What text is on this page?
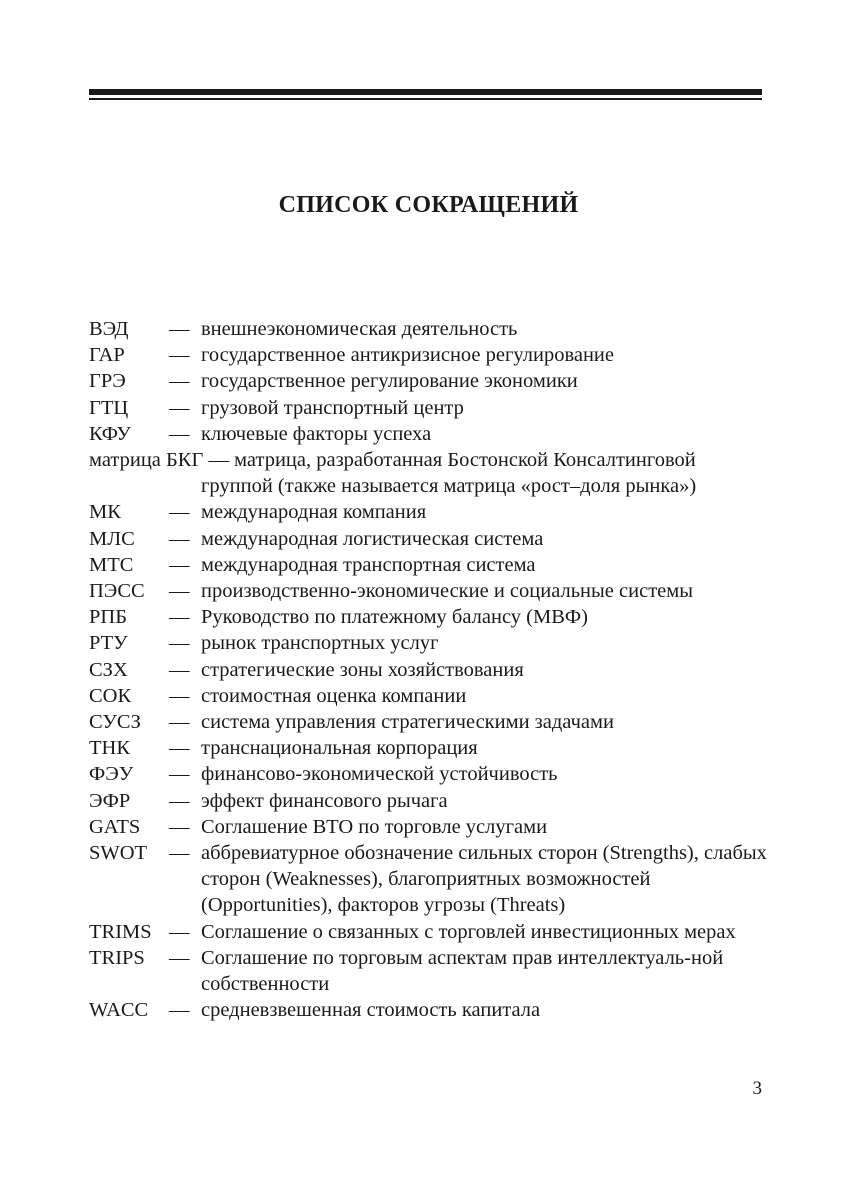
СПИСОК СОКРАЩЕНИЙ
ВЭД	— внешнеэкономическая деятельность
ГАР	— государственное антикризисное регулирование
ГРЭ	— государственное регулирование экономики
ГТЦ	— грузовой транспортный центр
КФУ	— ключевые факторы успеха
матрица БКГ — матрица, разработанная Бостонской Консалтинговой
группой (также называется матрица «рост–доля рынка»)
МК	— международная компания
МЛС	— международная логистическая система
МТС	— международная транспортная система
ПЭСС	— производственно-экономические и социальные системы
РПБ	— Руководство по платежному балансу (МВФ)
РТУ	— рынок транспортных услуг
СЗХ	— стратегические зоны хозяйствования
СОК	— стоимостная оценка компании
СУСЗ	— система управления стратегическими задачами
ТНК	— транснациональная корпорация
ФЭУ	— финансово-экономической устойчивость
ЭФР	— эффект финансового рычага
GATS	— Соглашение ВТО по торговле услугами
SWOT	— аббревиатурное обозначение сильных сторон (Strengths), слабых сторон (Weaknesses), благоприятных возможностей (Opportunities), факторов угрозы (Threats)
TRIMS — Соглашение о связанных с торговлей инвестиционных мерах
TRIPS	— Соглашение по торговым аспектам прав интеллектуаль-ной собственности
WACC	— средневзвешенная стоимость капитала
3
